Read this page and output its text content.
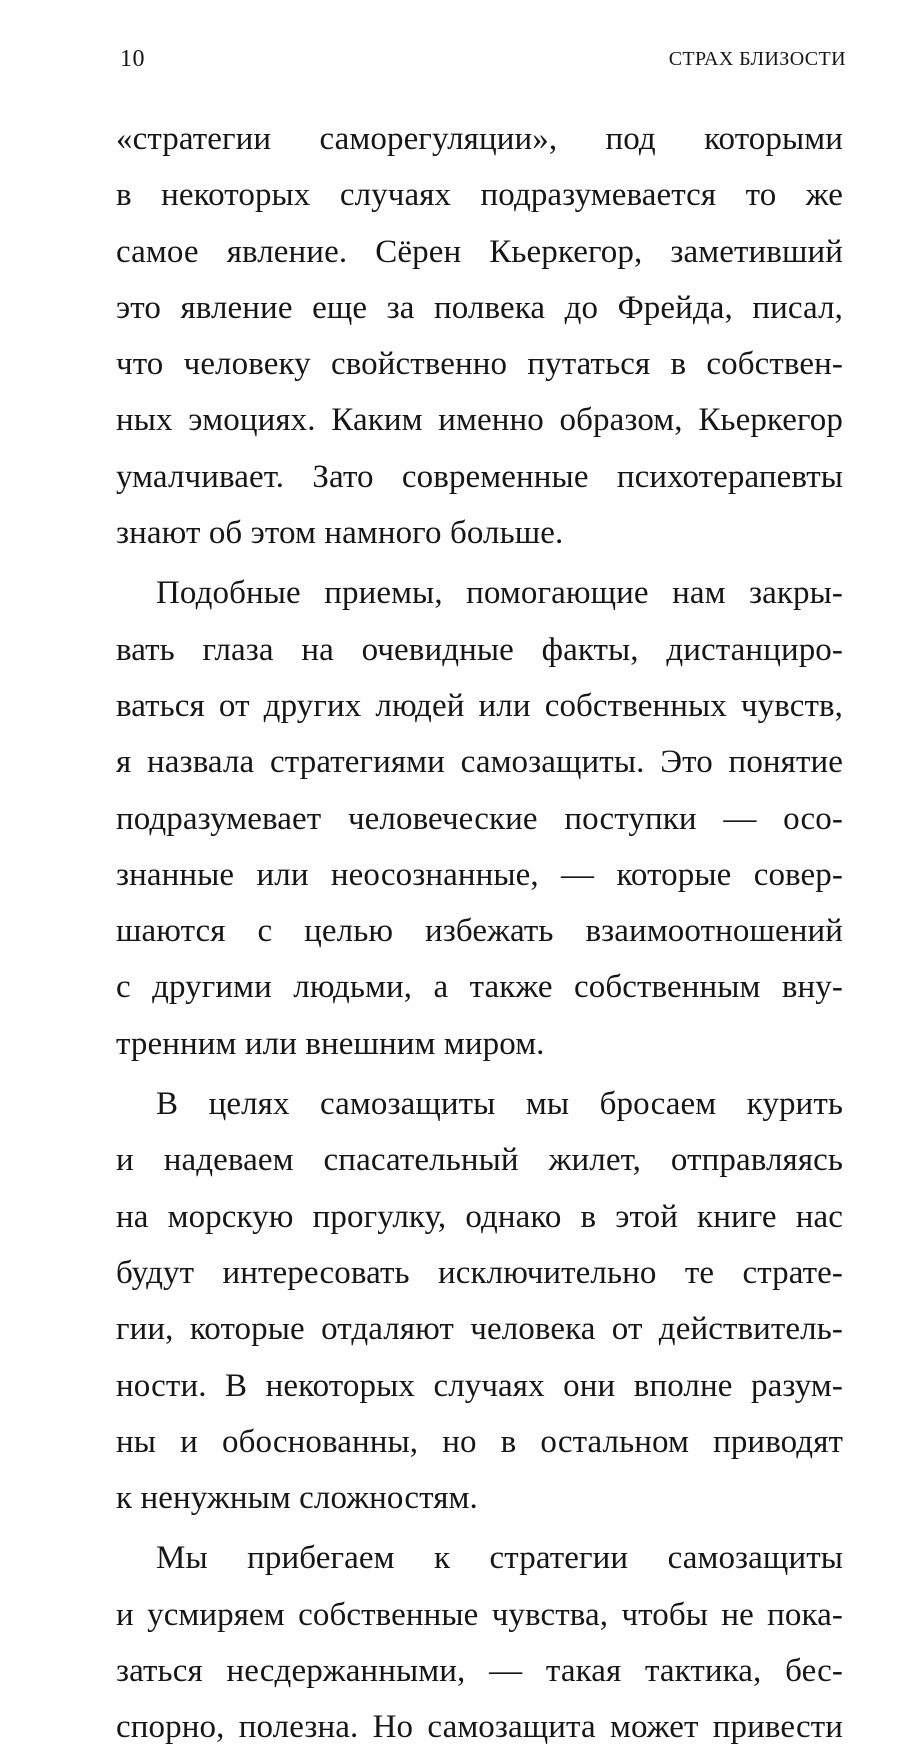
10	СТРАХ БЛИЗОСТИ
«стратегии саморегуляции», под которыми
в некоторых случаях подразумевается то же
самое явление. Сёрен Кьеркегор, заметивший
это явление еще за полвека до Фрейда, писал,
что человеку свойственно путаться в собствен-
ных эмоциях. Каким именно образом, Кьеркегор
умалчивает. Зато современные психотерапевты
знают об этом намного больше.
Подобные приемы, помогающие нам закры-
вать глаза на очевидные факты, дистанциро-
ваться от других людей или собственных чувств,
я назвала стратегиями самозащиты. Это понятие
подразумевает человеческие поступки — осо-
знанные или неосознанные, — которые совер-
шаются с целью избежать взаимоотношений
с другими людьми, а также собственным вну-
тренним или внешним миром.
В целях самозащиты мы бросаем курить
и надеваем спасательный жилет, отправляясь
на морскую прогулку, однако в этой книге нас
будут интересовать исключительно те страте-
гии, которые отдаляют человека от действитель-
ности. В некоторых случаях они вполне разум-
ны и обоснованны, но в остальном приводят
к ненужным сложностям.
Мы прибегаем к стратегии самозащиты
и усмиряем собственные чувства, чтобы не пока-
заться несдержанными, — такая тактика, бес-
спорно, полезна. Но самозащита может привести
